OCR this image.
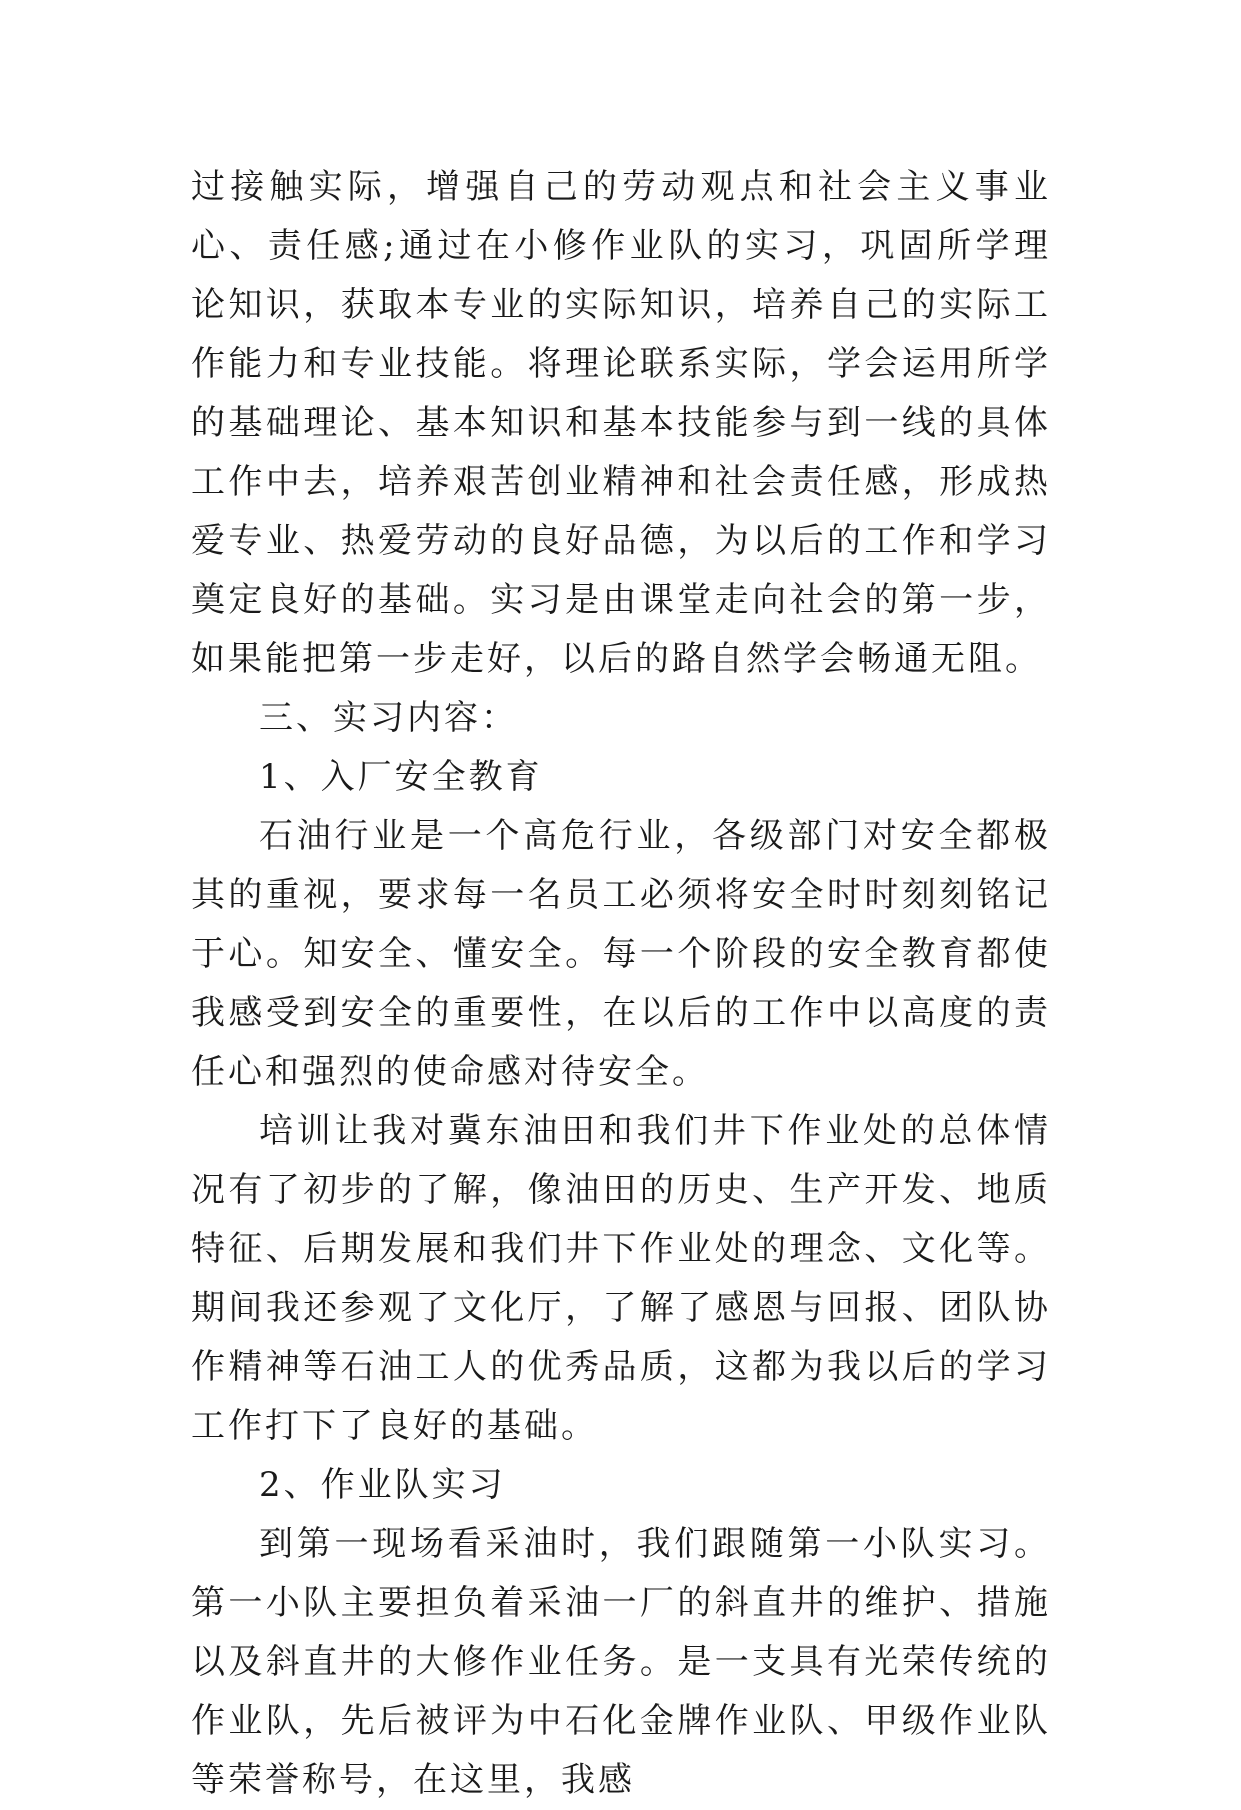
过接触实际，增强自己的劳动观点和社会主义事业心、责任感;通过在小修作业队的实习，巩固所学理论知识，获取本专业的实际知识，培养自己的实际工作能力和专业技能。将理论联系实际，学会运用所学的基础理论、基本知识和基本技能参与到一线的具体工作中去，培养艰苦创业精神和社会责任感，形成热爱专业、热爱劳动的良好品德，为以后的工作和学习奠定良好的基础。实习是由课堂走向社会的第一步，如果能把第一步走好，以后的路自然学会畅通无阻。

三、实习内容：

1、入厂安全教育

石油行业是一个高危行业，各级部门对安全都极其的重视，要求每一名员工必须将安全时时刻刻铭记于心。知安全、懂安全。每一个阶段的安全教育都使我感受到安全的重要性，在以后的工作中以高度的责任心和强烈的使命感对待安全。

培训让我对冀东油田和我们井下作业处的总体情况有了初步的了解，像油田的历史、生产开发、地质特征、后期发展和我们井下作业处的理念、文化等。期间我还参观了文化厅，了解了感恩与回报、团队协作精神等石油工人的优秀品质，这都为我以后的学习工作打下了良好的基础。

2、作业队实习

到第一现场看采油时，我们跟随第一小队实习。第一小队主要担负着采油一厂的斜直井的维护、措施以及斜直井的大修作业任务。是一支具有光荣传统的作业队，先后被评为中石化金牌作业队、甲级作业队等荣誉称号，在这里，我感
